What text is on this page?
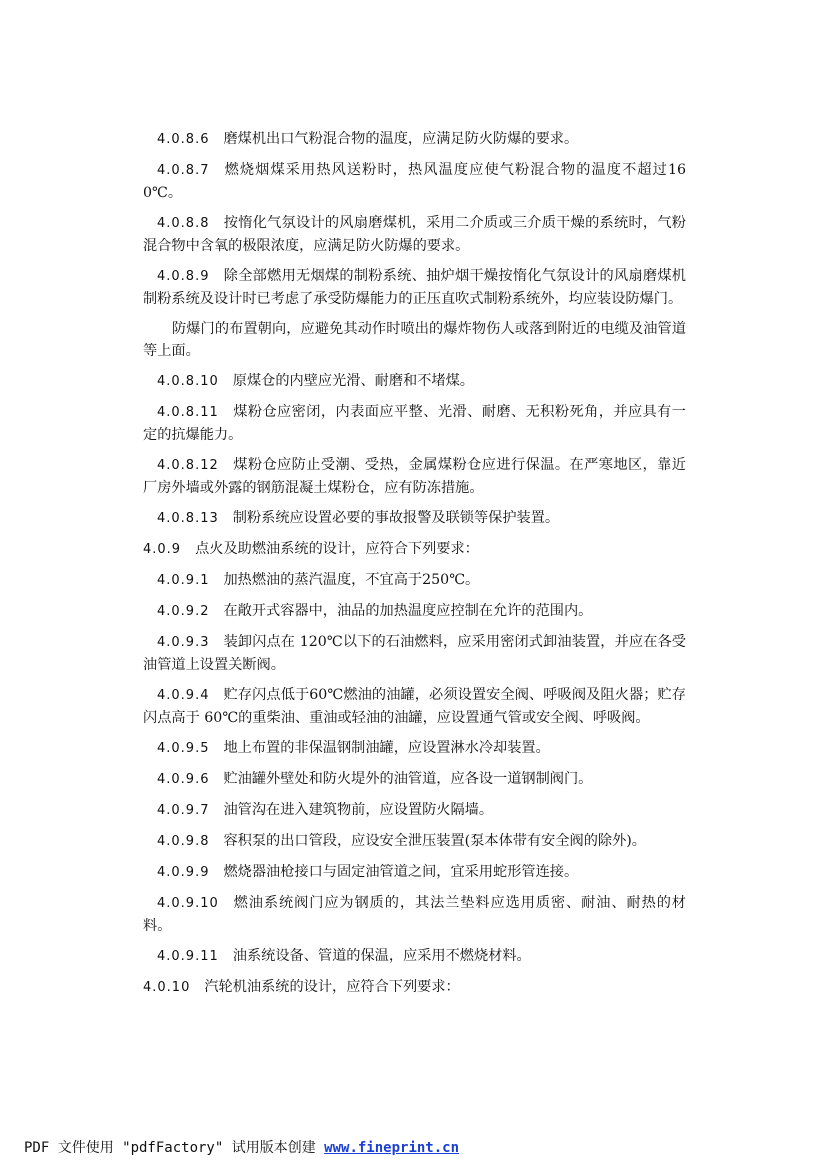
4.0.8.6 磨煤机出口气粉混合物的温度，应满足防火防爆的要求。

4.0.8.7 燃烧烟煤采用热风送粉时，热风温度应使气粉混合物的温度不超过160℃。

4.0.8.8 按惰化气氛设计的风扇磨煤机，采用二介质或三介质干燥的系统时，气粉混合物中含氧的极限浓度，应满足防火防爆的要求。

4.0.8.9 除全部燃用无烟煤的制粉系统、抽炉烟干燥按惰化气氛设计的风扇磨煤机制粉系统及设计时已考虑了承受防爆能力的正压直吹式制粉系统外，均应装设防爆门。

防爆门的布置朝向，应避免其动作时喷出的爆炸物伤人或落到附近的电缆及油管道等上面。

4.0.8.10 原煤仓的内壁应光滑、耐磨和不堵煤。

4.0.8.11 煤粉仓应密闭，内表面应平整、光滑、耐磨、无积粉死角，并应具有一定的抗爆能力。

4.0.8.12 煤粉仓应防止受潮、受热，金属煤粉仓应进行保温。在严寒地区，靠近厂房外墙或外露的钢筋混凝土煤粉仓，应有防冻措施。

4.0.8.13 制粉系统应设置必要的事故报警及联锁等保护装置。

4.0.9 点火及助燃油系统的设计，应符合下列要求：

4.0.9.1 加热燃油的蒸汽温度，不宜高于250℃。

4.0.9.2 在敞开式容器中，油品的加热温度应控制在允许的范围内。

4.0.9.3 装卸闪点在 120℃以下的石油燃料，应采用密闭式卸油装置，并应在各受油管道上设置关断阀。

4.0.9.4 贮存闪点低于60℃燃油的油罐，必须设置安全阀、呼吸阀及阻火器；贮存闪点高于 60℃的重柴油、重油或轻油的油罐，应设置通气管或安全阀、呼吸阀。

4.0.9.5 地上布置的非保温钢制油罐，应设置淋水冷却装置。

4.0.9.6 贮油罐外壁处和防火堤外的油管道，应各设一道钢制阀门。

4.0.9.7 油管沟在进入建筑物前，应设置防火隔墙。

4.0.9.8 容积泵的出口管段，应设安全泄压装置(泵本体带有安全阀的除外)。

4.0.9.9 燃烧器油枪接口与固定油管道之间，宜采用蛇形管连接。

4.0.9.10 燃油系统阀门应为钢质的，其法兰垫料应选用质密、耐油、耐热的材料。

4.0.9.11 油系统设备、管道的保温，应采用不燃烧材料。

4.0.10 汽轮机油系统的设计，应符合下列要求：

PDF 文件使用 "pdfFactory" 试用版本创建 www.fineprint.cn
